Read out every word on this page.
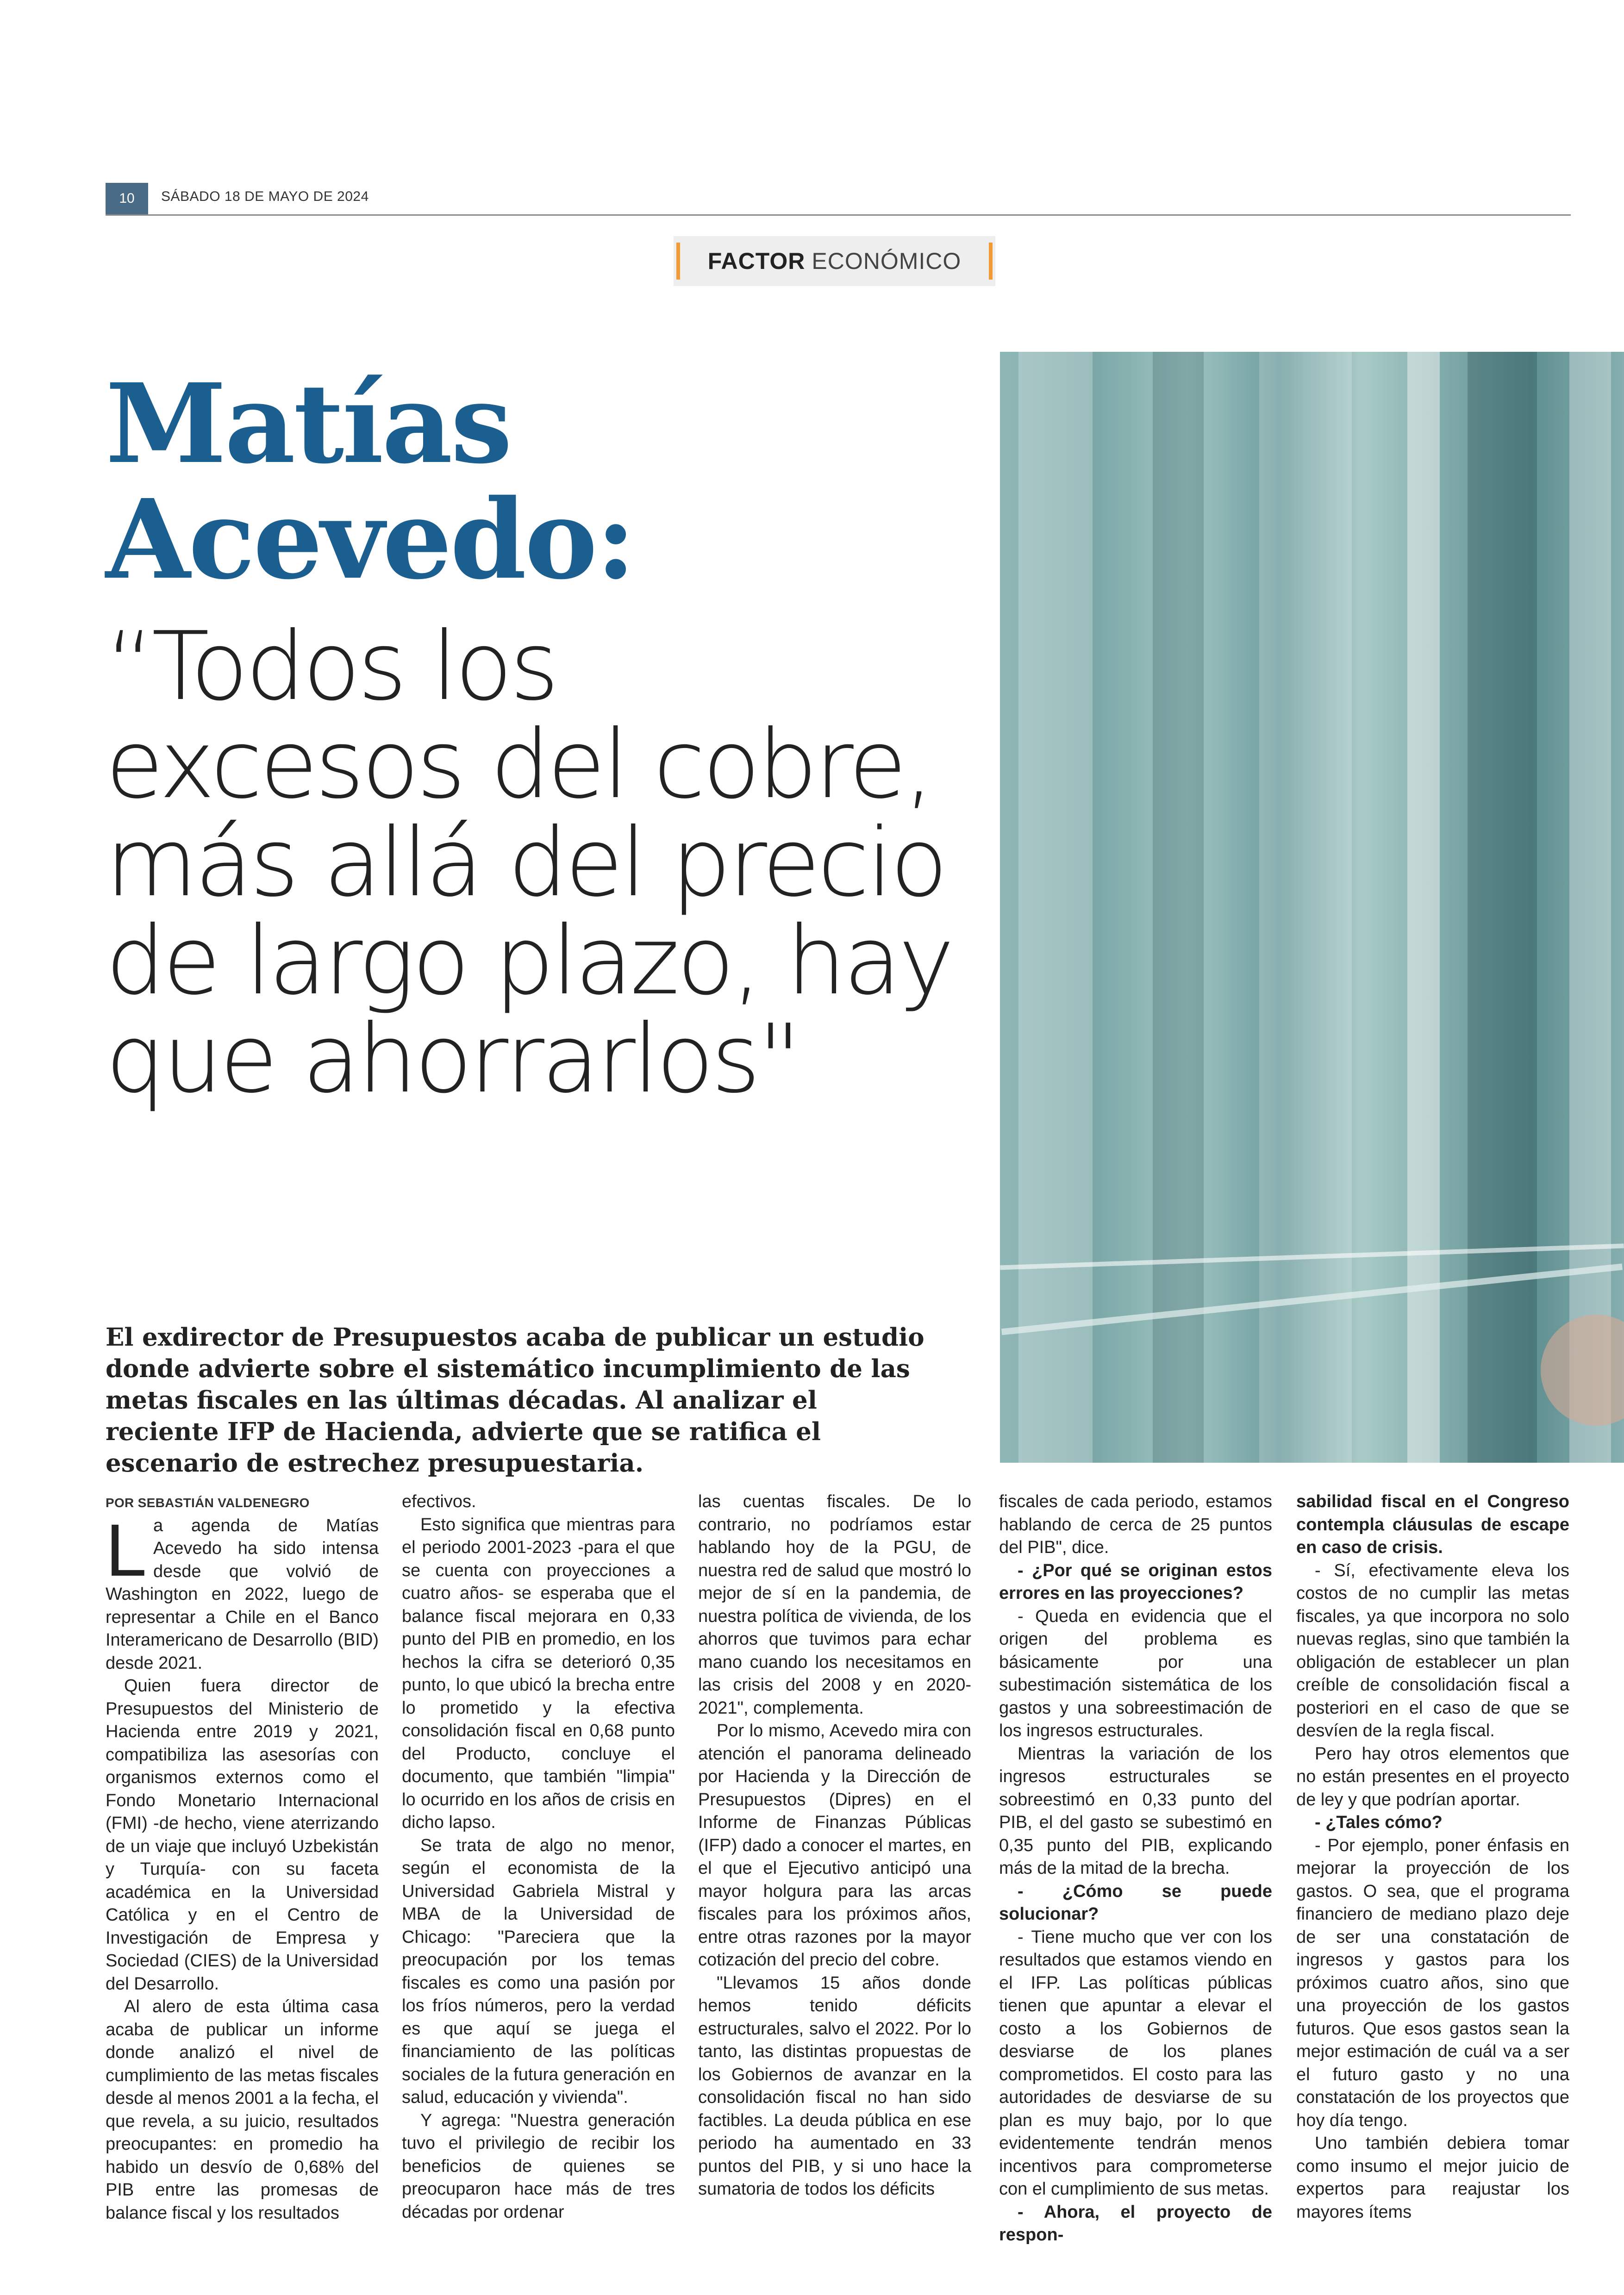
10	SÁBADO 18 DE MAYO DE 2024
FACTOR ECONÓMICO
Matías
Acevedo:
“Todos los
excesos del cobre,
más allá del precio
de largo plazo, hay
que ahorrarlos"
El exdirector de Presupuestos acaba de publicar un estudio donde advierte sobre el sistemático incumplimiento de las metas fiscales en las últimas décadas. Al analizar el reciente IFP de Hacienda, advierte que se ratifica el escenario de estrechez presupuestaria.

POR SEBASTIÁN VALDENEGRO

La agenda de Matías Acevedo ha sido intensa desde que volvió de Washington en 2022, luego de representar a Chile en el Banco Interamericano de Desarrollo (BID) desde 2021.

Quien fuera director de Presupuestos del Ministerio de Hacienda entre 2019 y 2021, compatibiliza las asesorías con organismos externos como el Fondo Monetario Internacional (FMI) -de hecho, viene aterrizando de un viaje que incluyó Uzbekistán y Turquía- con su faceta académica en la Universidad Católica y en el Centro de Investigación de Empresa y Sociedad (CIES) de la Universidad del Desarrollo.

Al alero de esta última casa acaba de publicar un informe donde analizó el nivel de cumplimiento de las metas fiscales desde al menos 2001 a la fecha, el que revela, a su juicio, resultados preocupantes: en promedio ha habido un desvío de 0,68% del PIB entre las promesas de balance fiscal y los resultados

efectivos.

Esto significa que mientras para el periodo 2001-2023 -para el que se cuenta con proyecciones a cuatro años- se esperaba que el balance fiscal mejorara en 0,33 punto del PIB en promedio, en los hechos la cifra se deterioró 0,35 punto, lo que ubicó la brecha entre lo prometido y la efectiva consolidación fiscal en 0,68 punto del Producto, concluye el documento, que también "limpia" lo ocurrido en los años de crisis en dicho lapso.

Se trata de algo no menor, según el economista de la Universidad Gabriela Mistral y MBA de la Universidad de Chicago: "Pareciera que la preocupación por los temas fiscales es como una pasión por los fríos números, pero la verdad es que aquí se juega el financiamiento de las políticas sociales de la futura generación en salud, educación y vivienda".

Y agrega: "Nuestra generación tuvo el privilegio de recibir los beneficios de quienes se preocuparon hace más de tres décadas por ordenar

las cuentas fiscales. De lo contrario, no podríamos estar hablando hoy de la PGU, de nuestra red de salud que mostró lo mejor de sí en la pandemia, de nuestra política de vivienda, de los ahorros que tuvimos para echar mano cuando los necesitamos en las crisis del 2008 y en 2020-2021", complementa.

Por lo mismo, Acevedo mira con atención el panorama delineado por Hacienda y la Dirección de Presupuestos (Dipres) en el Informe de Finanzas Públicas (IFP) dado a conocer el martes, en el que el Ejecutivo anticipó una mayor holgura para las arcas fiscales para los próximos años, entre otras razones por la mayor cotización del precio del cobre.

"Llevamos 15 años donde hemos tenido déficits estructurales, salvo el 2022. Por lo tanto, las distintas propuestas de los Gobiernos de avanzar en la consolidación fiscal no han sido factibles. La deuda pública en ese periodo ha aumentado en 33 puntos del PIB, y si uno hace la sumatoria de todos los déficits

fiscales de cada periodo, estamos hablando de cerca de 25 puntos del PIB", dice.

- ¿Por qué se originan estos errores en las proyecciones?

- Queda en evidencia que el origen del problema es básicamente por una subestimación sistemática de los gastos y una sobreestimación de los ingresos estructurales.

Mientras la variación de los ingresos estructurales se sobreestimó en 0,33 punto del PIB, el del gasto se subestimó en 0,35 punto del PIB, explicando más de la mitad de la brecha.

- ¿Cómo se puede solucionar?

- Tiene mucho que ver con los resultados que estamos viendo en el IFP. Las políticas públicas tienen que apuntar a elevar el costo a los Gobiernos de desviarse de los planes comprometidos. El costo para las autoridades de desviarse de su plan es muy bajo, por lo que evidentemente tendrán menos incentivos para comprometerse con el cumplimiento de sus metas.

- Ahora, el proyecto de respon-

sabilidad fiscal en el Congreso contempla cláusulas de escape en caso de crisis.

- Sí, efectivamente eleva los costos de no cumplir las metas fiscales, ya que incorpora no solo nuevas reglas, sino que también la obligación de establecer un plan creíble de consolidación fiscal a posteriori en el caso de que se desvíen de la regla fiscal.

Pero hay otros elementos que no están presentes en el proyecto de ley y que podrían aportar.

- ¿Tales cómo?

- Por ejemplo, poner énfasis en mejorar la proyección de los gastos. O sea, que el programa financiero de mediano plazo deje de ser una constatación de ingresos y gastos para los próximos cuatro años, sino que una proyección de los gastos futuros. Que esos gastos sean la mejor estimación de cuál va a ser el futuro gasto y no una constatación de los proyectos que hoy día tengo.

Uno también debiera tomar como insumo el mejor juicio de expertos para reajustar los mayores ítems
